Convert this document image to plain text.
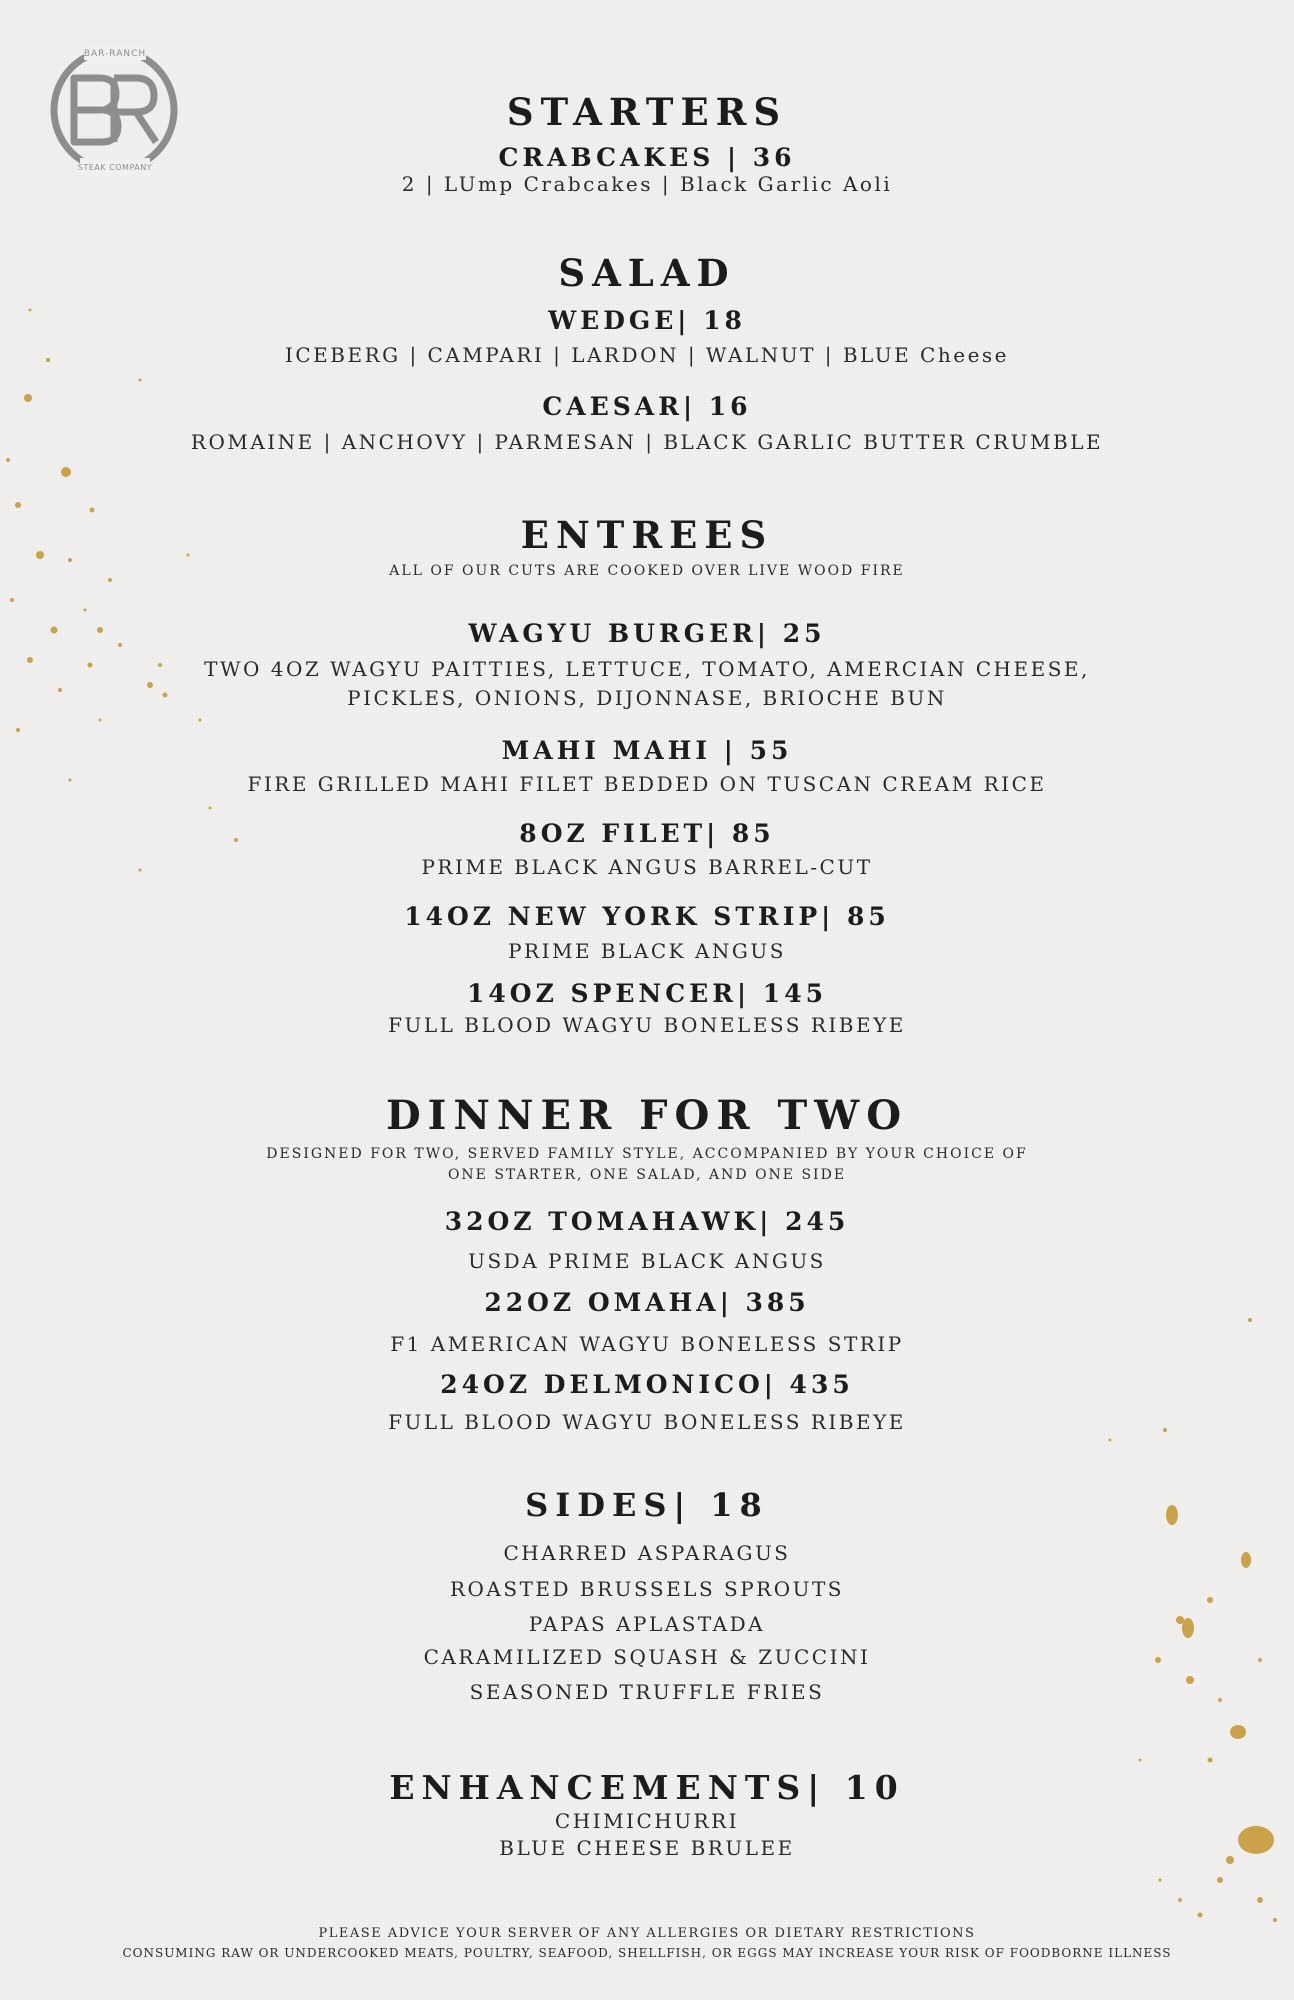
BAR-RANCH
STEAK COMPANY
STARTERS
CRABCAKES | 36
2 | LUmp Crabcakes | Black Garlic Aoli
SALAD
WEDGE| 18
ICEBERG | CAMPARI | LARDON | WALNUT | BLUE Cheese
CAESAR| 16
ROMAINE | ANCHOVY | PARMESAN | BLACK GARLIC BUTTER CRUMBLE
ENTREES
ALL OF OUR CUTS ARE COOKED OVER LIVE WOOD FIRE
WAGYU BURGER| 25
TWO 4OZ WAGYU PAITTIES, LETTUCE, TOMATO, AMERCIAN CHEESE,
PICKLES, ONIONS, DIJONNASE, BRIOCHE BUN
MAHI MAHI | 55
FIRE GRILLED MAHI FILET BEDDED ON TUSCAN CREAM RICE
8OZ FILET| 85
PRIME BLACK ANGUS BARREL-CUT
14OZ NEW YORK STRIP| 85
PRIME BLACK ANGUS
14OZ SPENCER| 145
FULL BLOOD WAGYU BONELESS RIBEYE
DINNER FOR TWO
DESIGNED FOR TWO, SERVED FAMILY STYLE, ACCOMPANIED BY YOUR CHOICE OF
ONE STARTER, ONE SALAD, AND ONE SIDE
32OZ TOMAHAWK| 245
USDA PRIME BLACK ANGUS
22OZ OMAHA| 385
F1 AMERICAN WAGYU BONELESS STRIP
24OZ DELMONICO| 435
FULL BLOOD WAGYU BONELESS RIBEYE
SIDES| 18
CHARRED ASPARAGUS
ROASTED BRUSSELS SPROUTS
PAPAS APLASTADA
CARAMILIZED SQUASH & ZUCCINI
SEASONED TRUFFLE FRIES
ENHANCEMENTS| 10
CHIMICHURRI
BLUE CHEESE BRULEE
PLEASE ADVICE YOUR SERVER OF ANY ALLERGIES OR DIETARY RESTRICTIONS
CONSUMING RAW OR UNDERCOOKED MEATS, POULTRY, SEAFOOD, SHELLFISH, OR EGGS MAY INCREASE YOUR RISK OF FOODBORNE ILLNESS
